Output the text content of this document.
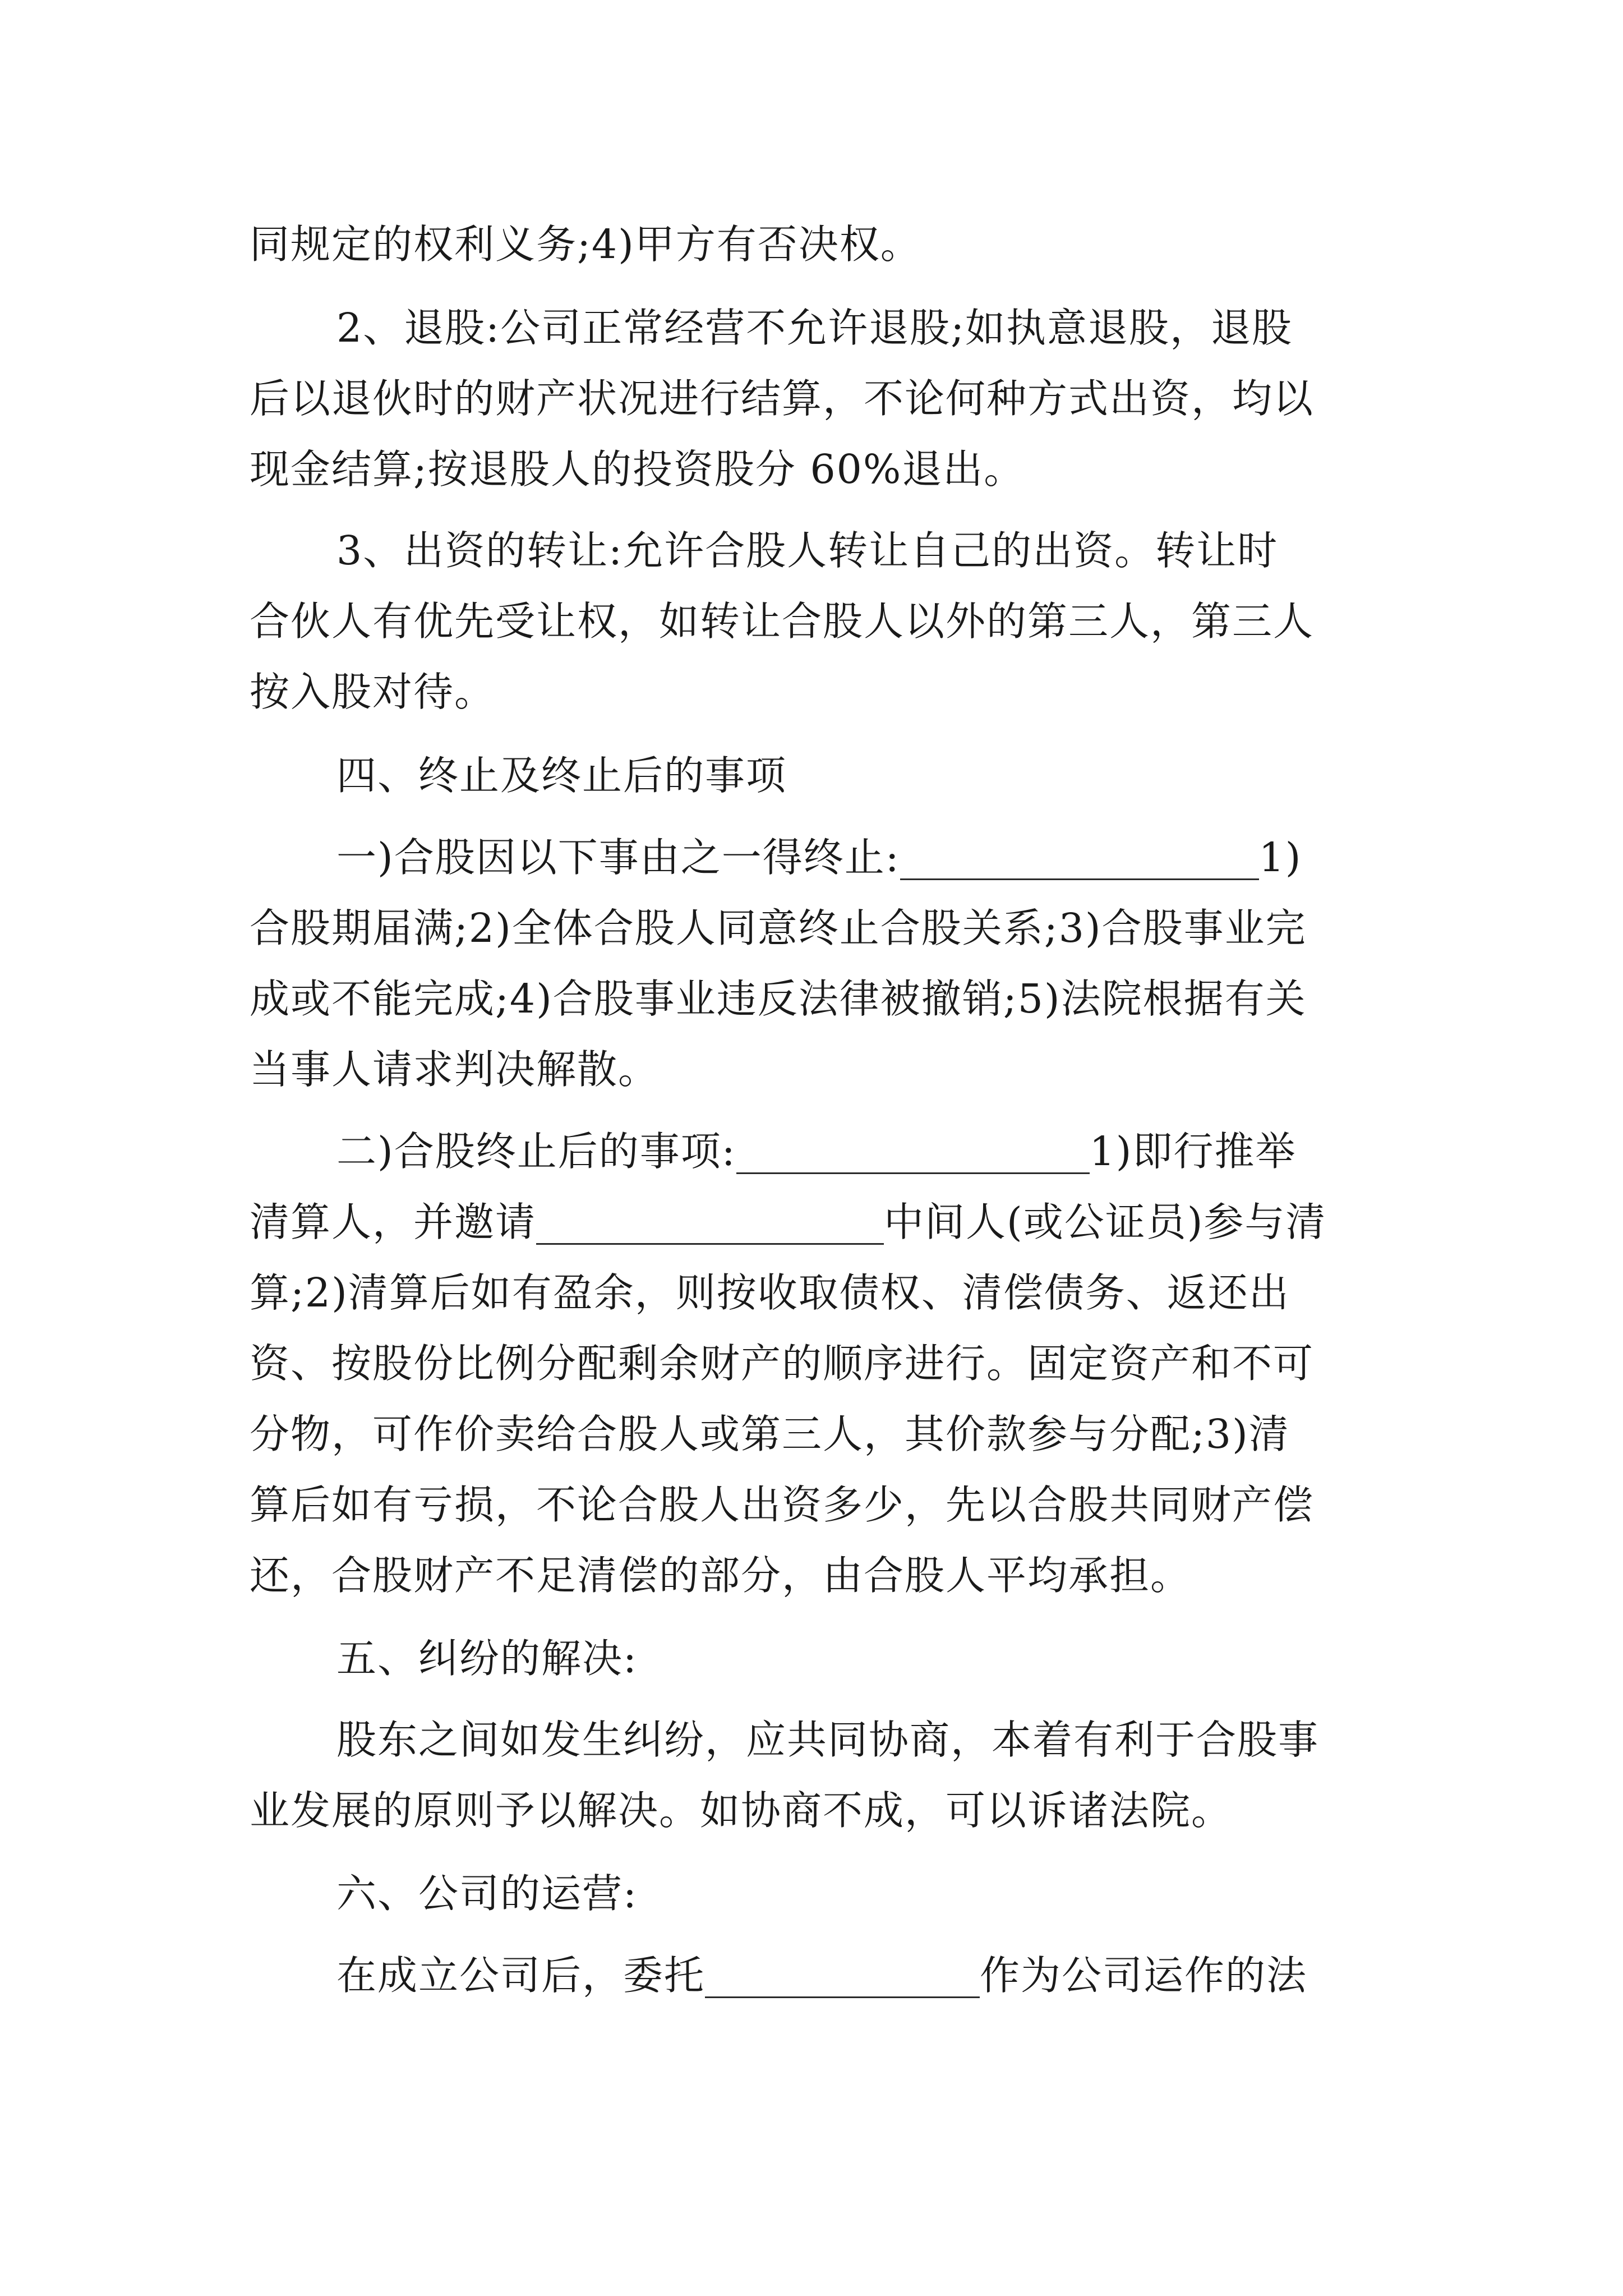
同规定的权利义务;4)甲方有否决权。
2、退股:公司正常经营不允许退股;如执意退股，退股
后以退伙时的财产状况进行结算，不论何种方式出资，均以
现金结算;按退股人的投资股分 60%退出。
3、出资的转让:允许合股人转让自己的出资。转让时
合伙人有优先受让权，如转让合股人以外的第三人，第三人
按入股对待。
四、终止及终止后的事项
一)合股因以下事由之一得终止:	1)
合股期届满;2)全体合股人同意终止合股关系;3)合股事业完
成或不能完成;4)合股事业违反法律被撤销;5)法院根据有关
当事人请求判决解散。
二)合股终止后的事项:	1)即行推举
清算人，并邀请	中间人(或公证员)参与清
算;2)清算后如有盈余，则按收取债权、清偿债务、返还出
资、按股份比例分配剩余财产的顺序进行。固定资产和不可
分物，可作价卖给合股人或第三人，其价款参与分配;3)清
算后如有亏损，不论合股人出资多少，先以合股共同财产偿
还，合股财产不足清偿的部分，由合股人平均承担。
五、纠纷的解决:
股东之间如发生纠纷，应共同协商，本着有利于合股事
业发展的原则予以解决。如协商不成，可以诉诸法院。
六、公司的运营:
在成立公司后，委托	作为公司运作的法
